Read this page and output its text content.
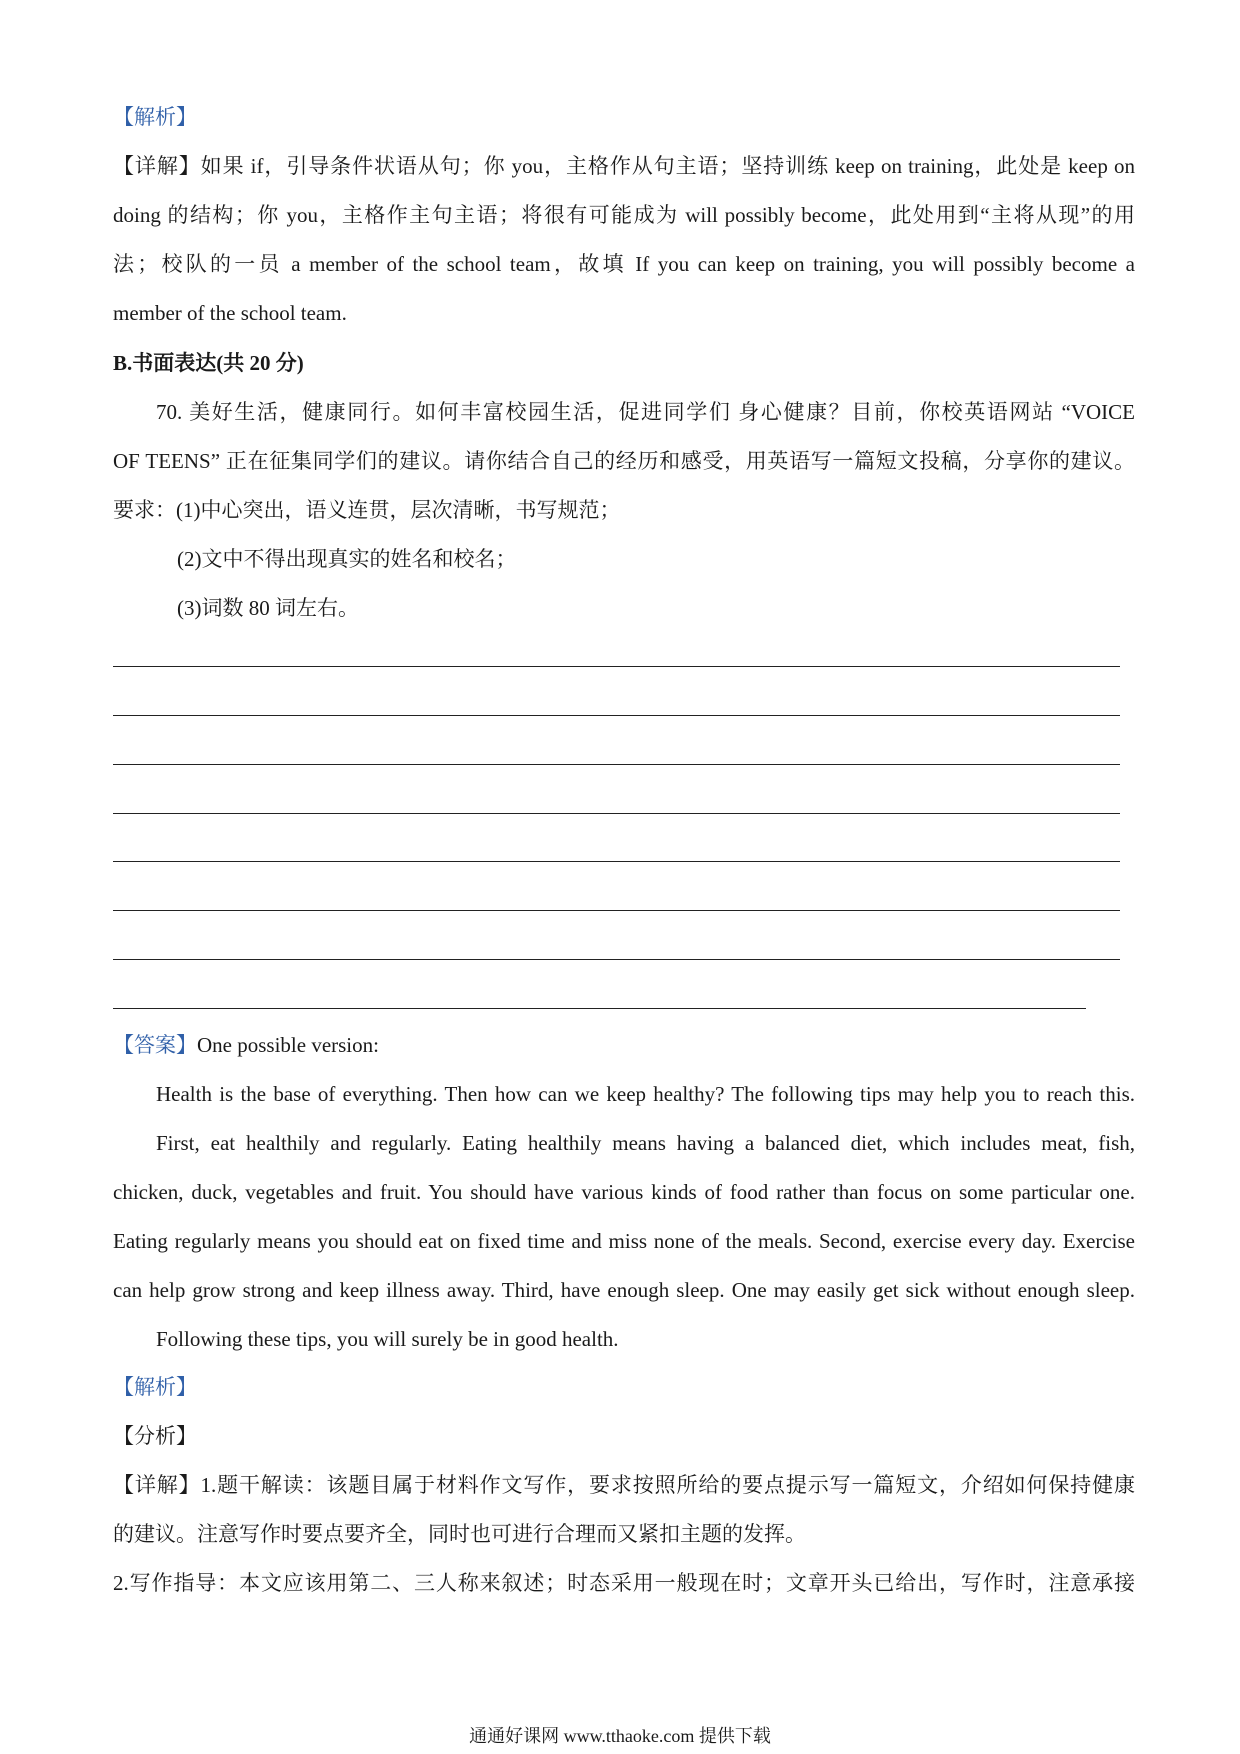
【解析】
【详解】如果 if，引导条件状语从句；你 you，主格作从句主语；坚持训练 keep on training，此处是 keep on
doing 的结构；你 you，主格作主句主语；将很有可能成为 will possibly become，此处用到“主将从现”的用
法；校队的一员 a member of the school team，故填 If you can keep on training, you will possibly become a
member of the school team.
B.书面表达(共 20 分)
70. 美好生活，健康同行。如何丰富校园生活，促进同学们 身心健康？目前，你校英语网站 “VOICE
OF TEENS” 正在征集同学们的建议。请你结合自己的经历和感受，用英语写一篇短文投稿，分享你的建议。
要求：(1)中心突出，语义连贯，层次清晰，书写规范；
(2)文中不得出现真实的姓名和校名；
(3)词数 80 词左右。
【答案】One possible version:
Health is the base of everything. Then how can we keep healthy? The following tips may help you to reach this.
First, eat healthily and regularly. Eating healthily means having a balanced diet, which includes meat, fish,
chicken, duck, vegetables and fruit. You should have various kinds of food rather than focus on some particular one.
Eating regularly means you should eat on fixed time and miss none of the meals. Second, exercise every day. Exercise
can help grow strong and keep illness away. Third, have enough sleep. One may easily get sick without enough sleep.
Following these tips, you will surely be in good health.
【解析】
【分析】
【详解】1.题干解读：该题目属于材料作文写作，要求按照所给的要点提示写一篇短文，介绍如何保持健康
的建议。注意写作时要点要齐全，同时也可进行合理而又紧扣主题的发挥。
2.写作指导：本文应该用第二、三人称来叙述；时态采用一般现在时；文章开头已给出，写作时，注意承接
通通好课网 www.tthaoke.com 提供下载
